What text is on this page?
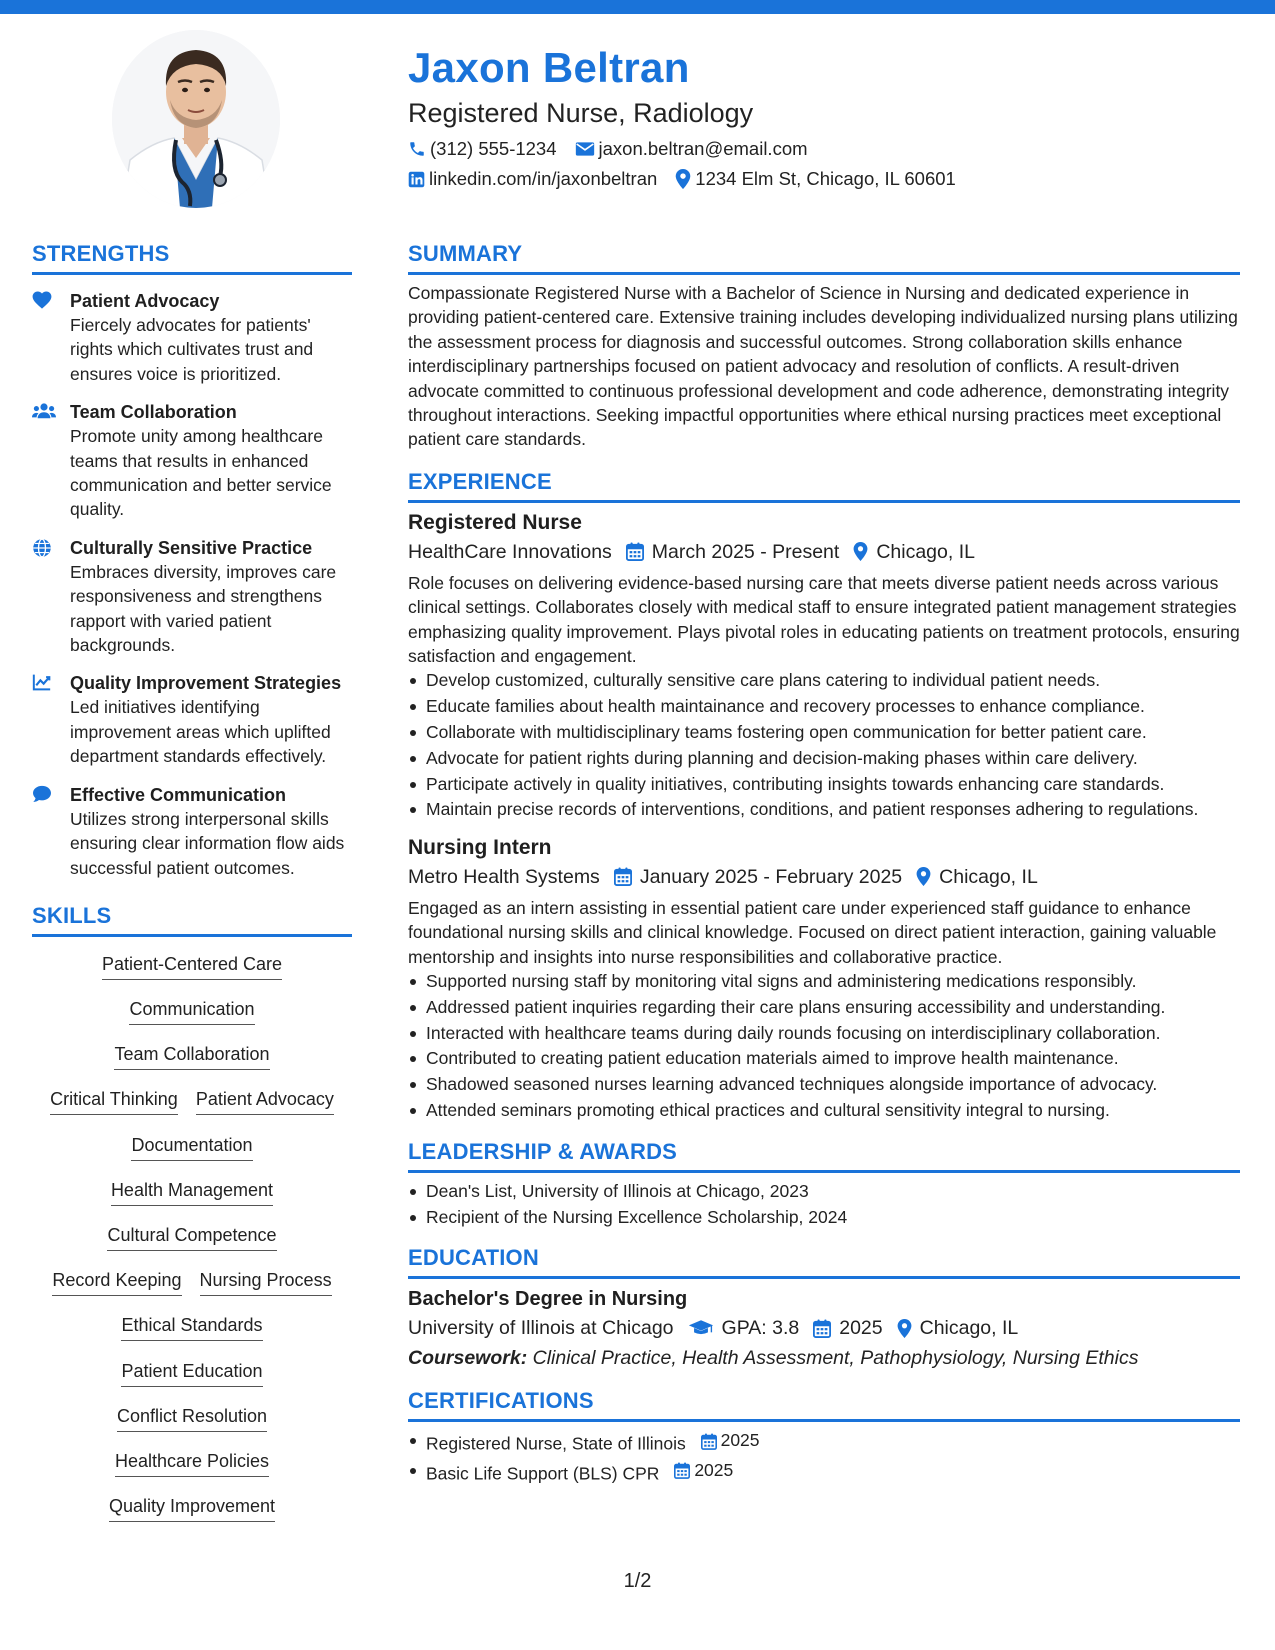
Jaxon Beltran
Registered Nurse, Radiology
(312) 555-1234 jaxon.beltran@email.com
linkedin.com/in/jaxonbeltran 1234 Elm St, Chicago, IL 60601
STRENGTHS
Patient Advocacy
Fiercely advocates for patients' rights which cultivates trust and ensures voice is prioritized.
Team Collaboration
Promote unity among healthcare teams that results in enhanced communication and better service quality.
Culturally Sensitive Practice
Embraces diversity, improves care responsiveness and strengthens rapport with varied patient backgrounds.
Quality Improvement Strategies
Led initiatives identifying improvement areas which uplifted department standards effectively.
Effective Communication
Utilizes strong interpersonal skills ensuring clear information flow aids successful patient outcomes.
SKILLS
Patient-Centered Care
Communication
Team Collaboration
Critical Thinking Patient Advocacy
Documentation
Health Management
Cultural Competence
Record Keeping Nursing Process
Ethical Standards
Patient Education
Conflict Resolution
Healthcare Policies
Quality Improvement
SUMMARY
Compassionate Registered Nurse with a Bachelor of Science in Nursing and dedicated experience in providing patient-centered care. Extensive training includes developing individualized nursing plans utilizing the assessment process for diagnosis and successful outcomes. Strong collaboration skills enhance interdisciplinary partnerships focused on patient advocacy and resolution of conflicts. A result-driven advocate committed to continuous professional development and code adherence, demonstrating integrity throughout interactions. Seeking impactful opportunities where ethical nursing practices meet exceptional patient care standards.
EXPERIENCE
Registered Nurse
HealthCare Innovations March 2025 - Present Chicago, IL
Role focuses on delivering evidence-based nursing care that meets diverse patient needs across various clinical settings. Collaborates closely with medical staff to ensure integrated patient management strategies emphasizing quality improvement. Plays pivotal roles in educating patients on treatment protocols, ensuring satisfaction and engagement.
Develop customized, culturally sensitive care plans catering to individual patient needs.
Educate families about health maintainance and recovery processes to enhance compliance.
Collaborate with multidisciplinary teams fostering open communication for better patient care.
Advocate for patient rights during planning and decision-making phases within care delivery.
Participate actively in quality initiatives, contributing insights towards enhancing care standards.
Maintain precise records of interventions, conditions, and patient responses adhering to regulations.
Nursing Intern
Metro Health Systems January 2025 - February 2025 Chicago, IL
Engaged as an intern assisting in essential patient care under experienced staff guidance to enhance foundational nursing skills and clinical knowledge. Focused on direct patient interaction, gaining valuable mentorship and insights into nurse responsibilities and collaborative practice.
Supported nursing staff by monitoring vital signs and administering medications responsibly.
Addressed patient inquiries regarding their care plans ensuring accessibility and understanding.
Interacted with healthcare teams during daily rounds focusing on interdisciplinary collaboration.
Contributed to creating patient education materials aimed to improve health maintenance.
Shadowed seasoned nurses learning advanced techniques alongside importance of advocacy.
Attended seminars promoting ethical practices and cultural sensitivity integral to nursing.
LEADERSHIP & AWARDS
Dean's List, University of Illinois at Chicago, 2023
Recipient of the Nursing Excellence Scholarship, 2024
EDUCATION
Bachelor's Degree in Nursing
University of Illinois at Chicago GPA: 3.8 2025 Chicago, IL
Coursework: Clinical Practice, Health Assessment, Pathophysiology, Nursing Ethics
CERTIFICATIONS
Registered Nurse, State of Illinois 2025
Basic Life Support (BLS) CPR 2025
1/2
